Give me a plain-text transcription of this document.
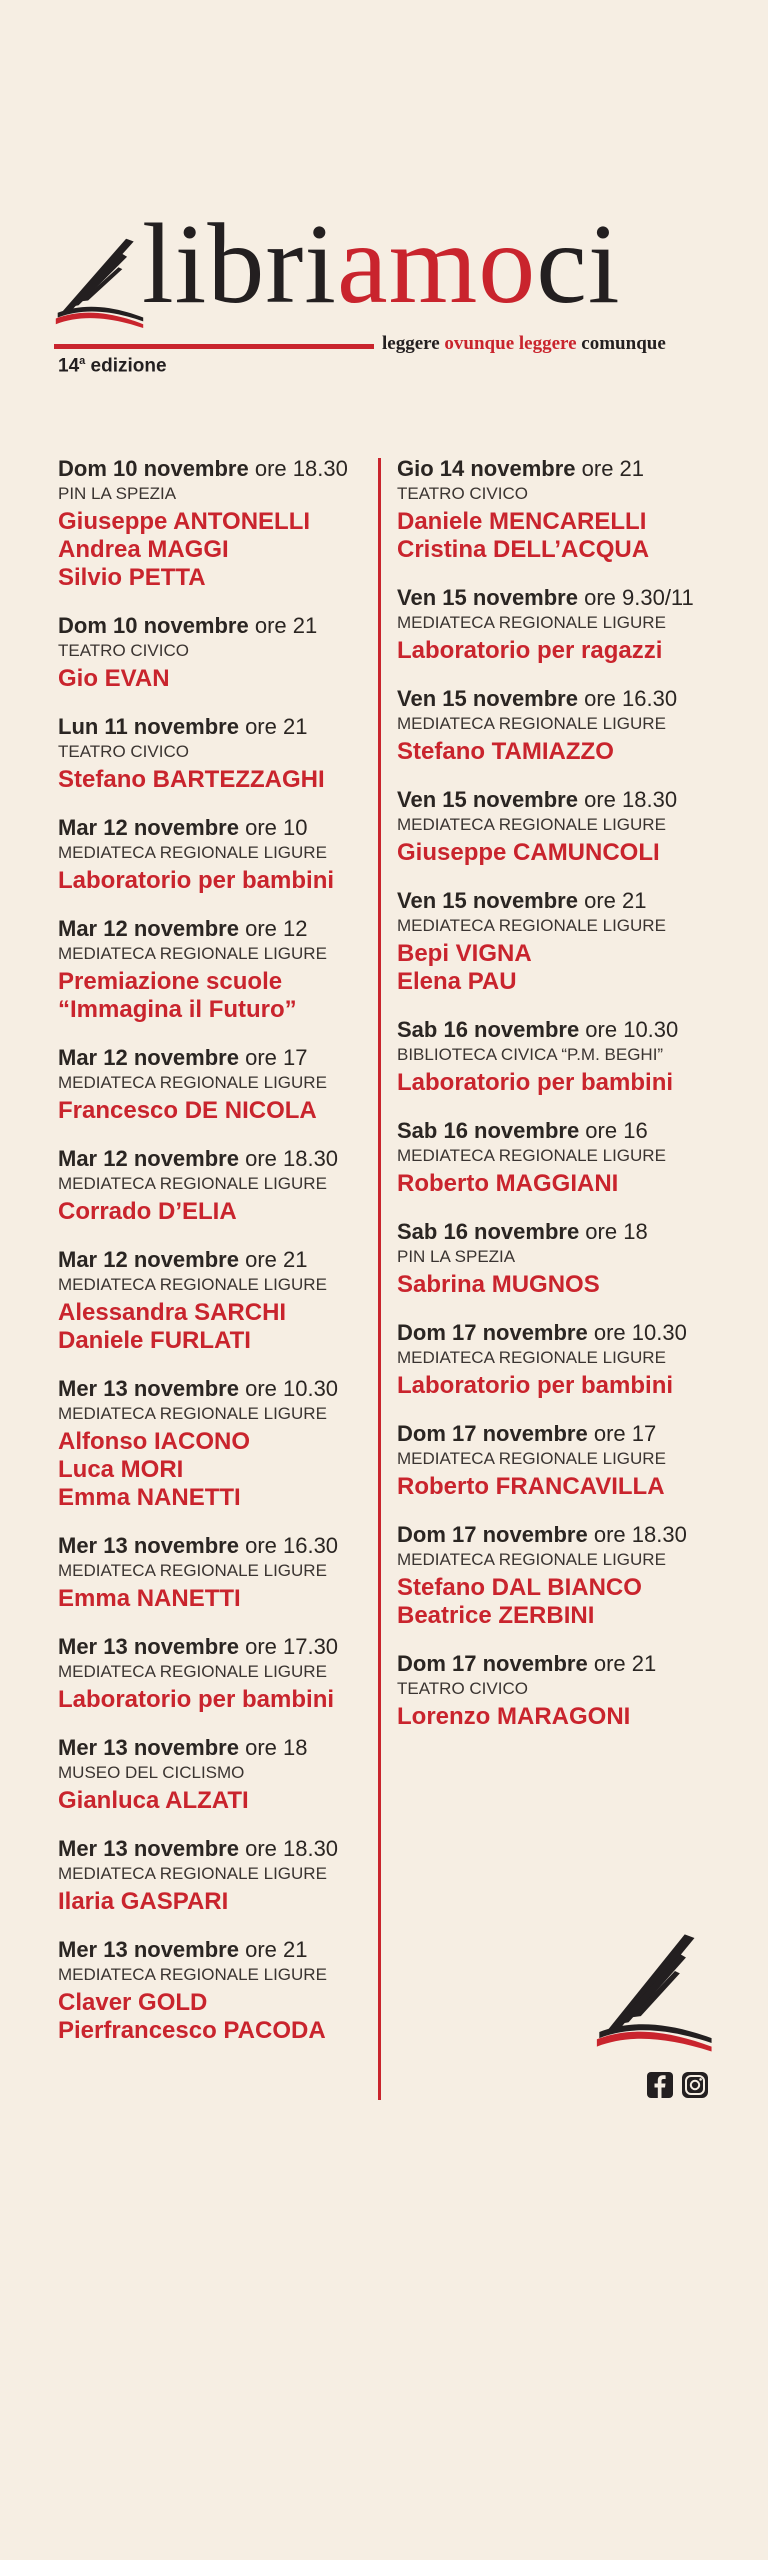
libriamoci
leggere ovunque leggere comunque
14$^a$ edizione
Dom 10 novembre ore 18.30
PIN LA SPEZIA
Giuseppe ANTONELLI
Andrea MAGGI
Silvio PETTA
Dom 10 novembre ore 21
TEATRO CIVICO
Gio EVAN
Lun 11 novembre ore 21
TEATRO CIVICO
Stefano BARTEZZAGHI
Mar 12 novembre ore 10
MEDIATECA REGIONALE LIGURE
Laboratorio per bambini
Mar 12 novembre ore 12
MEDIATECA REGIONALE LIGURE
Premiazione scuole
“Immagina il Futuro”
Mar 12 novembre ore 17
MEDIATECA REGIONALE LIGURE
Francesco DE NICOLA
Mar 12 novembre ore 18.30
MEDIATECA REGIONALE LIGURE
Corrado D’ELIA
Mar 12 novembre ore 21
MEDIATECA REGIONALE LIGURE
Alessandra SARCHI
Daniele FURLATI
Mer 13 novembre ore 10.30
MEDIATECA REGIONALE LIGURE
Alfonso IACONO
Luca MORI
Emma NANETTI
Mer 13 novembre ore 16.30
MEDIATECA REGIONALE LIGURE
Emma NANETTI
Mer 13 novembre ore 17.30
MEDIATECA REGIONALE LIGURE
Laboratorio per bambini
Mer 13 novembre ore 18
MUSEO DEL CICLISMO
Gianluca ALZATI
Mer 13 novembre ore 18.30
MEDIATECA REGIONALE LIGURE
Ilaria GASPARI
Mer 13 novembre ore 21
MEDIATECA REGIONALE LIGURE
Claver GOLD
Pierfrancesco PACODA
Gio 14 novembre ore 21
TEATRO CIVICO
Daniele MENCARELLI
Cristina DELL’ACQUA
Ven 15 novembre ore 9.30/11
MEDIATECA REGIONALE LIGURE
Laboratorio per ragazzi
Ven 15 novembre ore 16.30
MEDIATECA REGIONALE LIGURE
Stefano TAMIAZZO
Ven 15 novembre ore 18.30
MEDIATECA REGIONALE LIGURE
Giuseppe CAMUNCOLI
Ven 15 novembre ore 21
MEDIATECA REGIONALE LIGURE
Bepi VIGNA
Elena PAU
Sab 16 novembre ore 10.30
BIBLIOTECA CIVICA “P.M. BEGHI”
Laboratorio per bambini
Sab 16 novembre ore 16
MEDIATECA REGIONALE LIGURE
Roberto MAGGIANI
Sab 16 novembre ore 18
PIN LA SPEZIA
Sabrina MUGNOS
Dom 17 novembre ore 10.30
MEDIATECA REGIONALE LIGURE
Laboratorio per bambini
Dom 17 novembre ore 17
MEDIATECA REGIONALE LIGURE
Roberto FRANCAVILLA
Dom 17 novembre ore 18.30
MEDIATECA REGIONALE LIGURE
Stefano DAL BIANCO
Beatrice ZERBINI
Dom 17 novembre ore 21
TEATRO CIVICO
Lorenzo MARAGONI
